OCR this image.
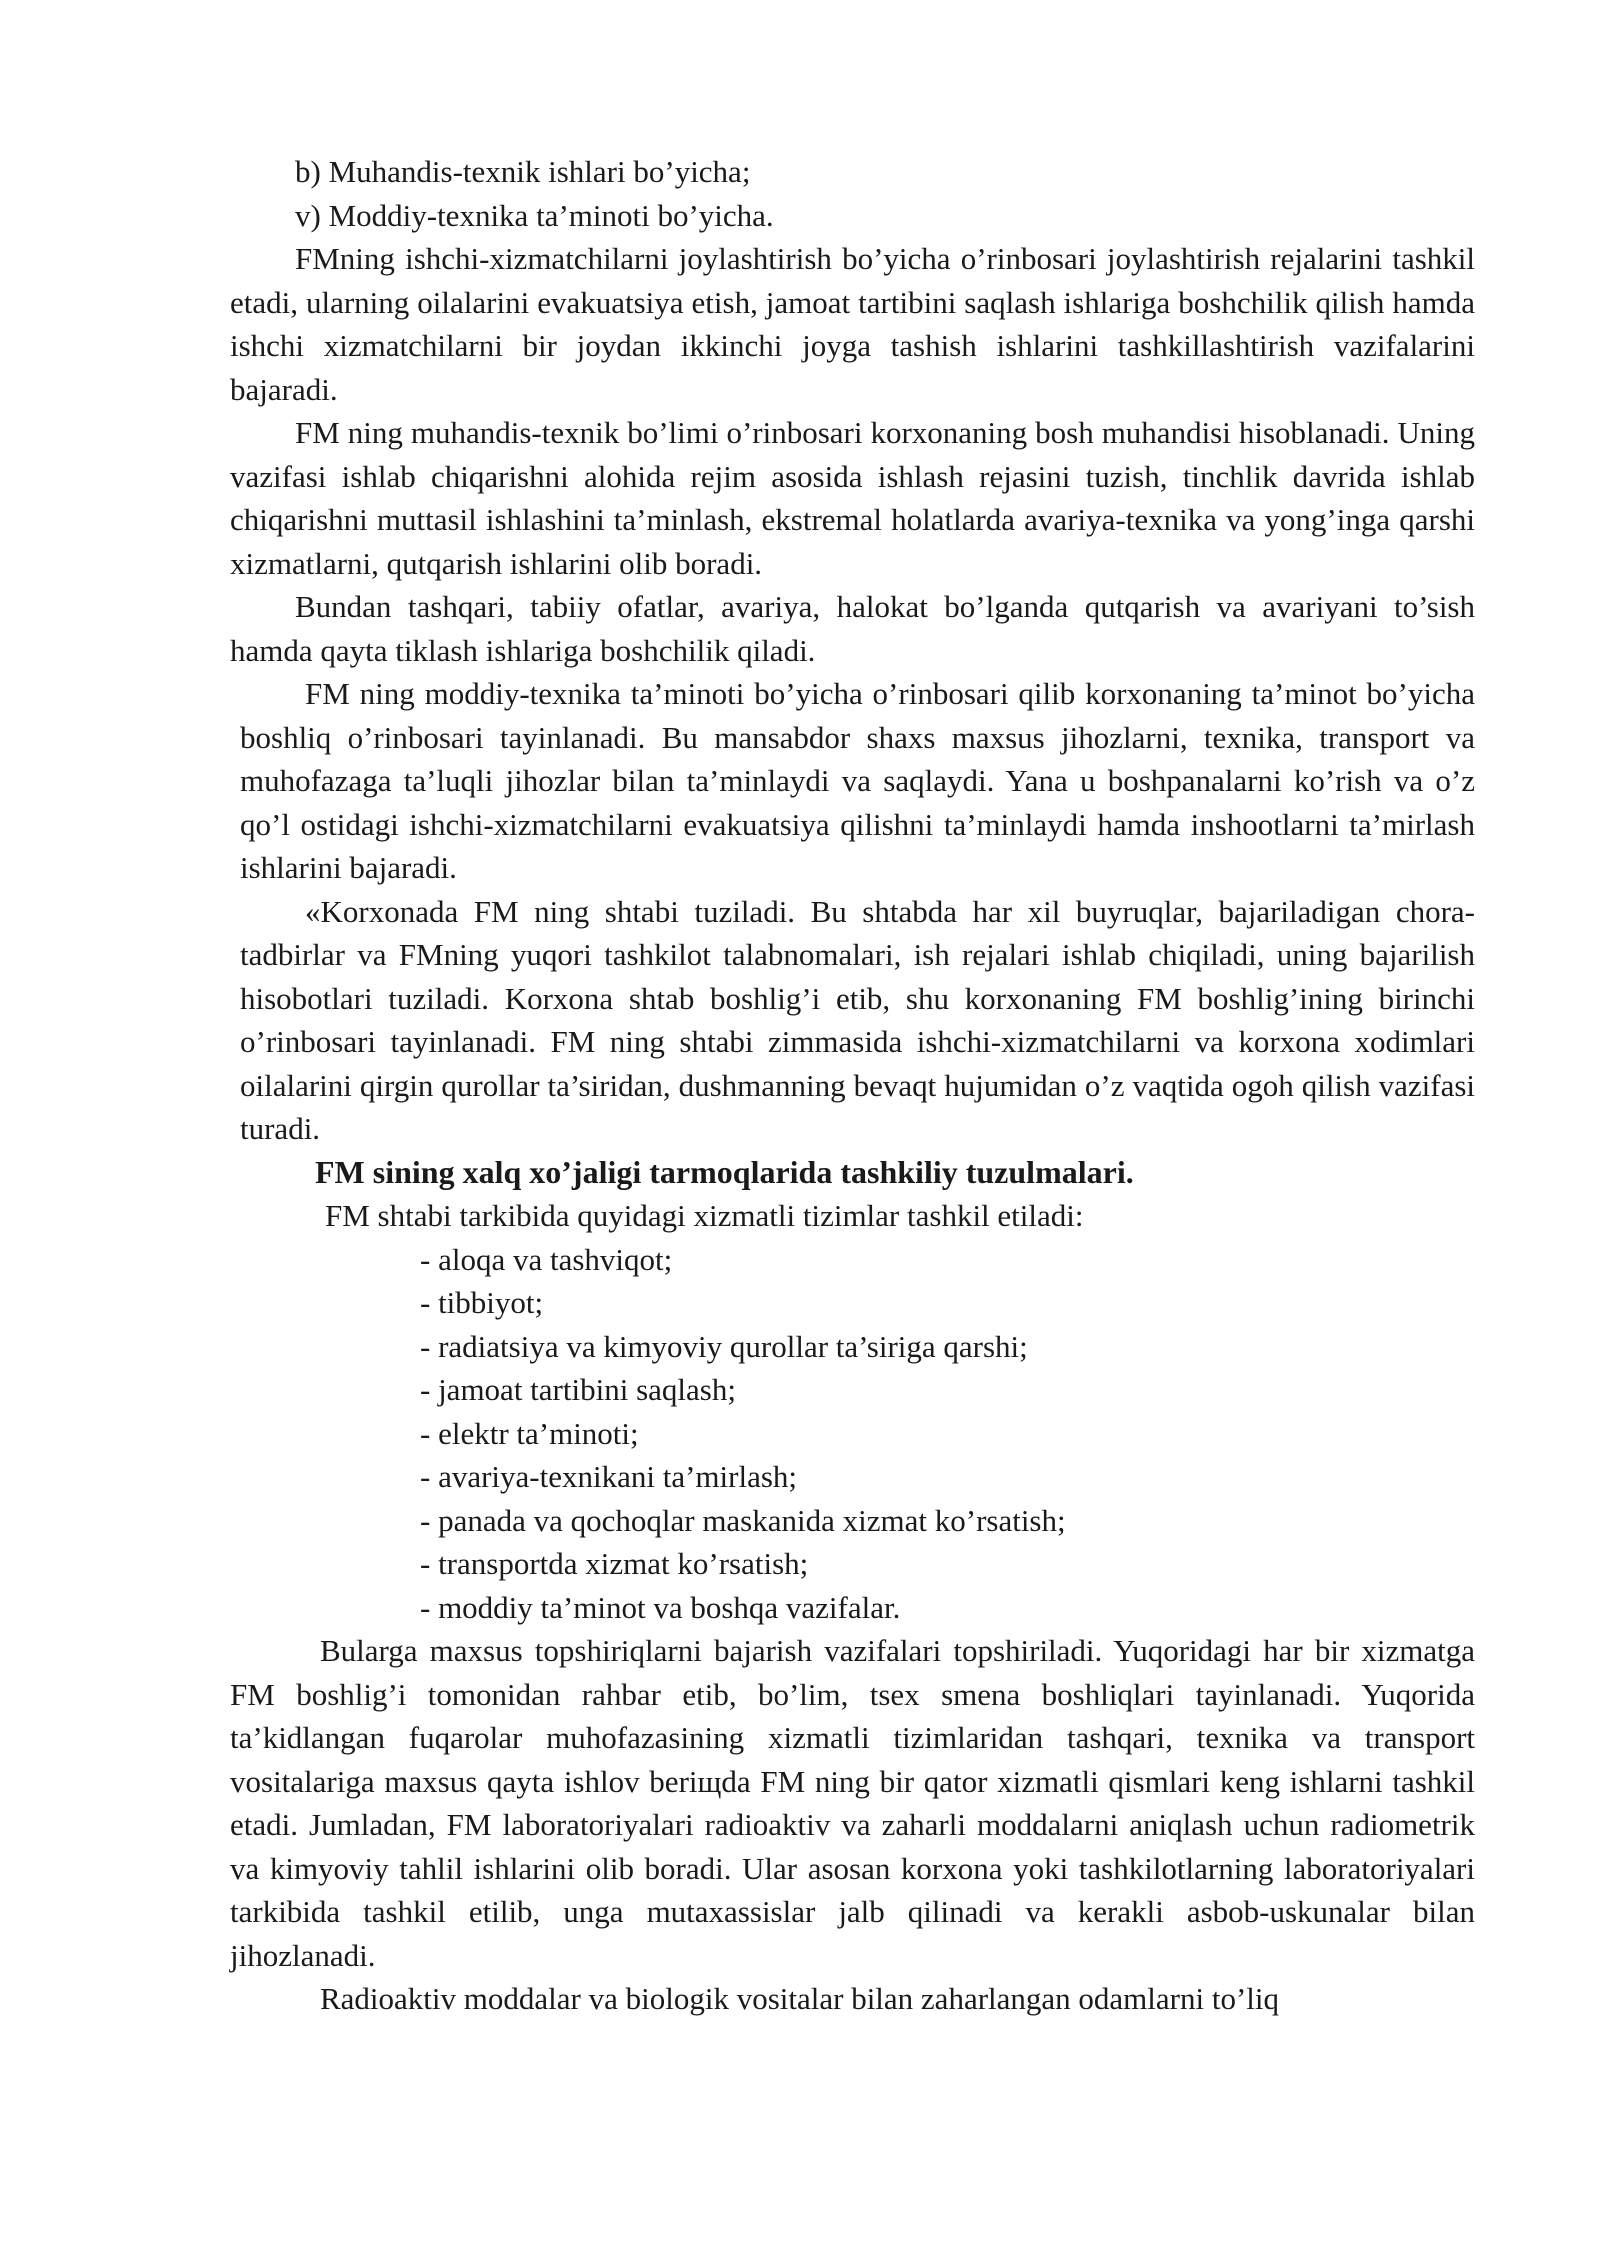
b) Muhandis-texnik ishlari bo’yicha;

v) Moddiy-texnika ta’minoti bo’yicha.

FMning ishchi-xizmatchilarni joylashtirish bo’yicha o’rinbosari joylashtirish rejalarini tashkil etadi, ularning oilalarini evakuatsiya etish, jamoat tartibini saqlash ishlariga boshchilik qilish hamda ishchi xizmatchilarni bir joydan ikkinchi joyga tashish ishlarini tashkillashtirish vazifalarini bajaradi.

FM ning muhandis-texnik bo’limi o’rinbosari korxonaning bosh muhandisi hisoblanadi. Uning vazifasi ishlab chiqarishni alohida rejim asosida ishlash rejasini tuzish, tinchlik davrida ishlab chiqarishni muttasil ishlashini ta’minlash, ekstremal holatlarda avariya-texnika va yong’inga qarshi xizmatlarni, qutqarish ishlarini olib boradi.

Bundan tashqari, tabiiy ofatlar, avariya, halokat bo’lganda qutqarish va avariyani to’sish hamda qayta tiklash ishlariga boshchilik qiladi.

FM ning moddiy-texnika ta’minoti bo’yicha o’rinbosari qilib korxonaning ta’minot bo’yicha boshliq o’rinbosari tayinlanadi. Bu mansabdor shaxs maxsus jihozlarni, texnika, transport va muhofazaga ta’luqli jihozlar bilan ta’minlaydi va saqlaydi. Yana u boshpanalarni ko’rish va o’z qo’l ostidagi ishchi-xizmatchilarni evakuatsiya qilishni ta’minlaydi hamda inshootlarni ta’mirlash ishlarini bajaradi.

«Korxonada FM ning shtabi tuziladi. Bu shtabda har xil buyruqlar, bajariladigan chora-tadbirlar va FMning yuqori tashkilot talabnomalari, ish rejalari ishlab chiqiladi, uning bajarilish hisobotlari tuziladi. Korxona shtab boshlig’i etib, shu korxonaning FM boshlig’ining birinchi o’rinbosari tayinlanadi. FM ning shtabi zimmasida ishchi-xizmatchilarni va korxona xodimlari oilalarini qirgin qurollar ta’siridan, dushmanning bevaqt hujumidan o’z vaqtida ogoh qilish vazifasi turadi.

FM sining xalq xo’jaligi tarmoqlarida tashkiliy tuzulmalari.

FM shtabi tarkibida quyidagi xizmatli tizimlar tashkil etiladi:

- aloqa va tashviqot;
- tibbiyot;
- radiatsiya va kimyoviy qurollar ta’siriga qarshi;
- jamoat tartibini saqlash;
- elektr ta’minoti;
- avariya-texnikani ta’mirlash;
- panada va qochoqlar maskanida xizmat ko’rsatish;
- transportda xizmat ko’rsatish;
- moddiy ta’minot va boshqa vazifalar.

Bularga maxsus topshiriqlarni bajarish vazifalari topshiriladi. Yuqoridagi har bir xizmatga FM boshlig’i tomonidan rahbar etib, bo’lim, tsex smena boshliqlari tayinlanadi. Yuqorida ta’kidlangan fuqarolar muhofazasining xizmatli tizimlaridan tashqari, texnika va transport vositalariga maxsus qayta ishlov beriщda FM ning bir qator xizmatli qismlari keng ishlarni tashkil etadi. Jumladan, FM laboratoriyalari radioaktiv va zaharli moddalarni aniqlash uchun radiometrik va kimyoviy tahlil ishlarini olib boradi. Ular asosan korxona yoki tashkilotlarning laboratoriyalari tarkibida tashkil etilib, unga mutaxassislar jalb qilinadi va kerakli asbob-uskunalar bilan jihozlanadi.

Radioaktiv moddalar va biologik vositalar bilan zaharlangan odamlarni to’liq
